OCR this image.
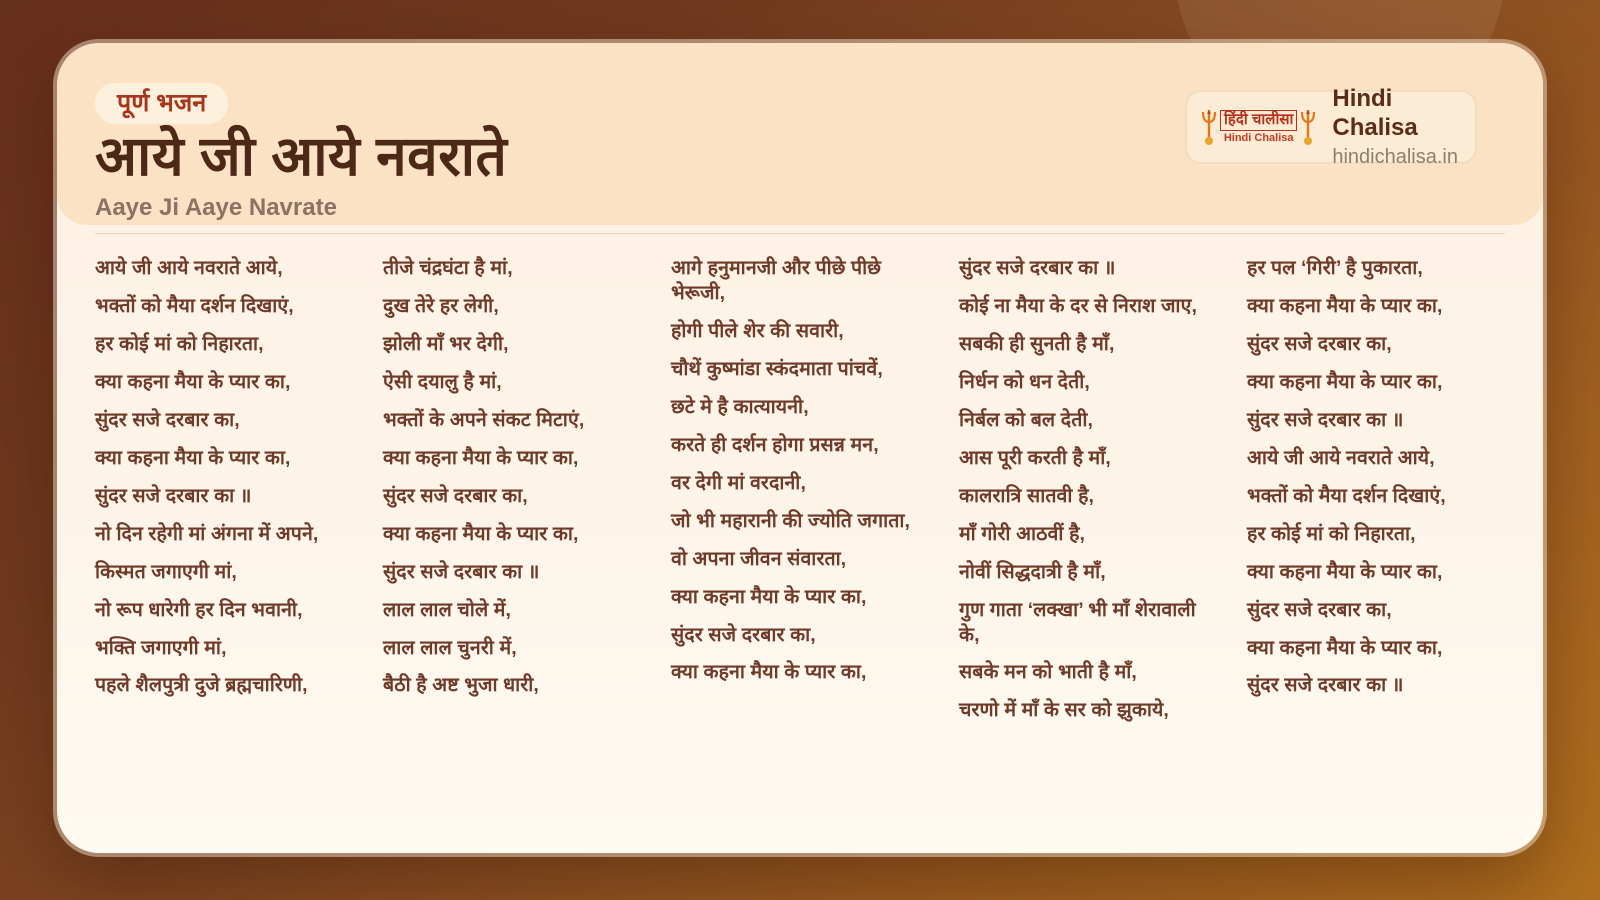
पूर्ण भजन
आये जी आये नवराते
Aaye Ji Aaye Navrate
हिंदी चालीसा
Hindi Chalisa
Hindi Chalisa
hindichalisa.in

आये जी आये नवराते आये,

भक्तों को मैया दर्शन दिखाएं,

हर कोई मां को निहारता,

क्या कहना मैया के प्यार का,

सुंदर सजे दरबार का,

क्या कहना मैया के प्यार का,

सुंदर सजे दरबार का ॥

नो दिन रहेगी मां अंगना में अपने,

किस्मत जगाएगी मां,

नो रूप धारेगी हर दिन भवानी,

भक्ति जगाएगी मां,

पहले शैलपुत्री दुजे ब्रह्मचारिणी,

तीजे चंद्रघंटा है मां,

दुख तेरे हर लेगी,

झोली माँ भर देगी,

ऐसी दयालु है मां,

भक्तों के अपने संकट मिटाएं,

क्या कहना मैया के प्यार का,

सुंदर सजे दरबार का,

क्या कहना मैया के प्यार का,

सुंदर सजे दरबार का ॥

लाल लाल चोले में,

लाल लाल चुनरी में,

बैठी है अष्ट भुजा धारी,

आगे हनुमानजी और पीछे पीछे भेरूजी,

होगी पीले शेर की सवारी,

चौथें कुष्मांडा स्कंदमाता पांचवें,

छटे मे है कात्यायनी,

करते ही दर्शन होगा प्रसन्न मन,

वर देगी मां वरदानी,

जो भी महारानी की ज्योति जगाता,

वो अपना जीवन संवारता,

क्या कहना मैया के प्यार का,

सुंदर सजे दरबार का,

क्या कहना मैया के प्यार का,

सुंदर सजे दरबार का ॥

कोई ना मैया के दर से निराश जाए,

सबकी ही सुनती है माँ,

निर्धन को धन देती,

निर्बल को बल देती,

आस पूरी करती है माँ,

कालरात्रि सातवी है,

माँ गोरी आठवीं है,

नोवीं सिद्धदात्री है माँ,

गुण गाता ‘लक्खा’ भी माँ शेरावाली के,

सबके मन को भाती है माँ,

चरणो में माँ के सर को झुकाये,

हर पल ‘गिरी’ है पुकारता,

क्या कहना मैया के प्यार का,

सुंदर सजे दरबार का,

क्या कहना मैया के प्यार का,

सुंदर सजे दरबार का ॥

आये जी आये नवराते आये,

भक्तों को मैया दर्शन दिखाएं,

हर कोई मां को निहारता,

क्या कहना मैया के प्यार का,

सुंदर सजे दरबार का,

क्या कहना मैया के प्यार का,

सुंदर सजे दरबार का ॥
